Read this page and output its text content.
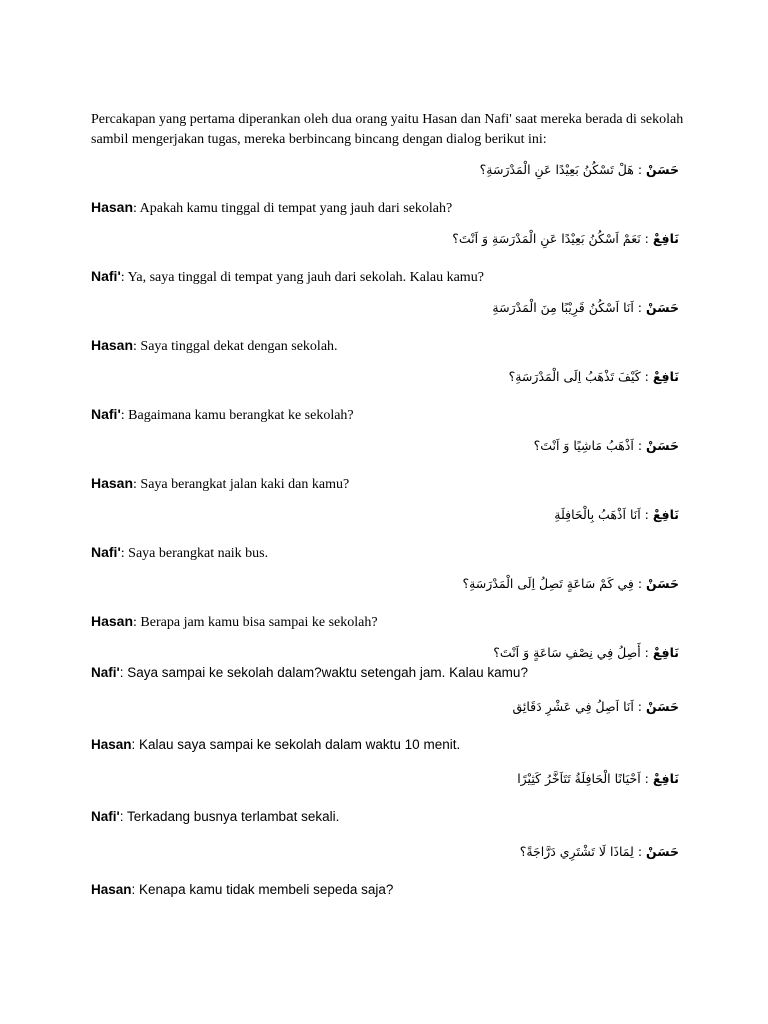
Percakapan yang pertama diperankan oleh dua orang yaitu Hasan dan Nafi' saat mereka berada di sekolah sambil mengerjakan tugas, mereka berbincang bincang dengan dialog berikut ini:
حَسَنْ : هَلْ تَسْكُنُ بَعِيْدًا عَنِ الْمَدْرَسَةِ؟
Hasan: Apakah kamu tinggal di tempat yang jauh dari sekolah?
نَافِعْ : نَعَمْ اَسْكُنُ بَعِيْدًا عَنِ الْمَدْرَسَةِ وَ اَنْتَ؟
Nafi': Ya, saya tinggal di tempat yang jauh dari sekolah. Kalau kamu?
حَسَنْ : اَنَا اَسْكُنُ قَرِيْبًا مِنَ الْمَدْرَسَةِ
Hasan: Saya tinggal dekat dengan sekolah.
نَافِعْ : كَيْفَ تَذْهَبُ اِلَى الْمَدْرَسَةِ؟
Nafi': Bagaimana kamu berangkat ke sekolah?
حَسَنْ : اَذْهَبُ مَاشِيًا وَ اَنْتَ؟
Hasan: Saya berangkat jalan kaki dan kamu?
نَافِعْ : اَنَا اَذْهَبُ بِالْحَافِلَةِ
Nafi': Saya berangkat naik bus.
حَسَنْ : فِي كَمْ سَاعَةٍ تَصِلُ اِلَى الْمَدْرَسَةِ؟
Hasan: Berapa jam kamu bisa sampai ke sekolah?
نَافِعْ : أَصِلُ فِي نِصْفِ سَاعَةٍ وَ اَنْتَ؟
Nafi': Saya sampai ke sekolah dalam?waktu setengah jam. Kalau kamu?
حَسَنْ : اَنَا اَصِلُ فِي عَشْرِ دَقَائِق
Hasan: Kalau saya sampai ke sekolah dalam waktu 10 menit.
نَافِعْ : اَحْيَانًا الْحَافِلَةُ تَتَاَخَّرُ كَثِيْرًا
Nafi': Terkadang busnya terlambat sekali.
حَسَنْ : لِمَاذَا لَا تَشْتَرِي دَرَّاجَةً؟
Hasan: Kenapa kamu tidak membeli sepeda saja?
